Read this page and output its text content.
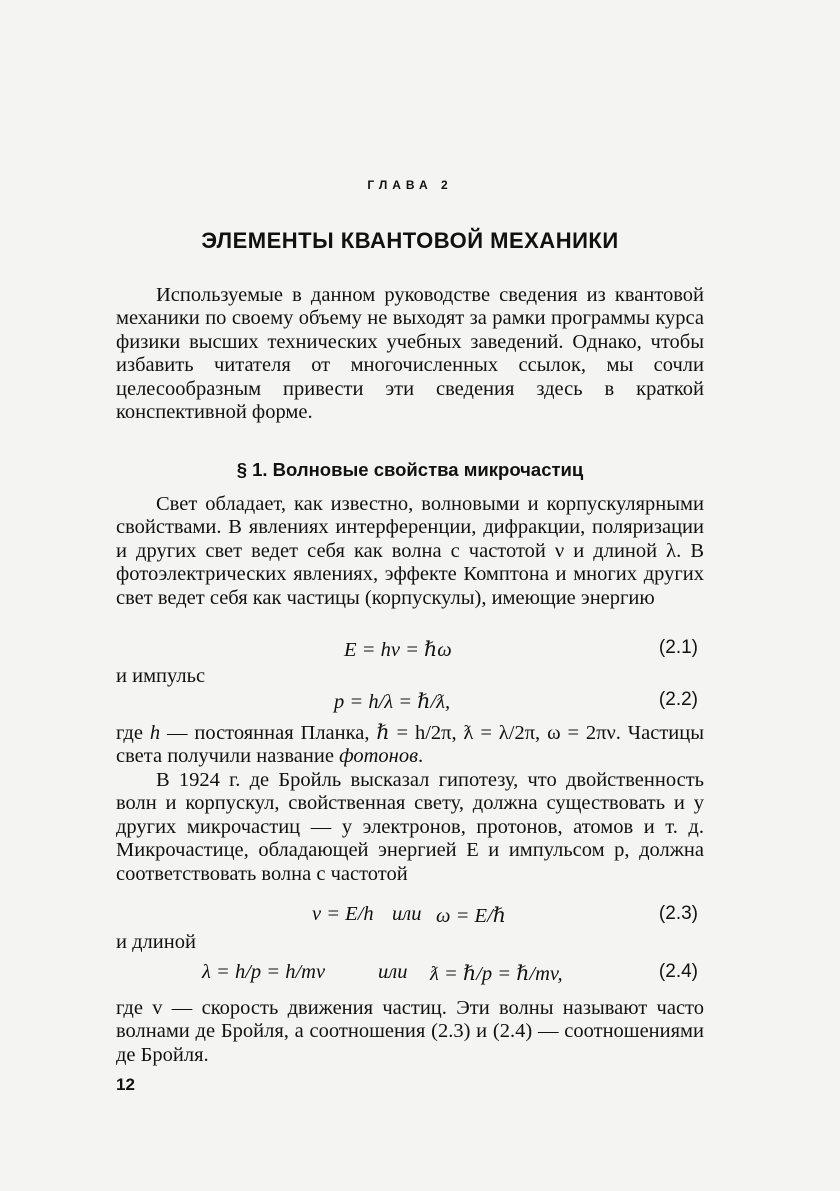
ГЛАВА 2
ЭЛЕМЕНТЫ КВАНТОВОЙ МЕХАНИКИ

Используемые в данном руководстве сведения из квантовой механики по своему объему не выходят за рамки программы курса физики высших технических учебных заведений. Однако, чтобы избавить читателя от многочисленных ссылок, мы сочли целесообразным привести эти сведения здесь в краткой конспективной форме.

§ 1. Волновые свойства микрочастиц

Свет обладает, как известно, волновыми и корпускулярными свойствами. В явлениях интерференции, дифракции, поляризации и других свет ведет себя как волна с частотой ν и длиной λ. В фотоэлектрических явлениях, эффекте Комптона и многих других свет ведет себя как частицы (корпускулы), имеющие энергию

E = hν = ℏω	(2.1)
и импульс
p = h/λ = ℏ/ƛ,	(2.2)

где h — постоянная Планка, ℏ = h/2π, ƛ = λ/2π, ω = 2πν. Частицы света получили название фотонов.

В 1924 г. де Бройль высказал гипотезу, что двойственность волн и корпускул, свойственная свету, должна существовать и у других микрочастиц — у электронов, протонов, атомов и т. д. Микрочастице, обладающей энергией E и импульсом p, должна соответствовать волна с частотой

ν = E/h или ω = E/ℏ	(2.3)
и длиной
λ = h/p = h/mv	или ƛ = ℏ/p = ℏ/mv,	(2.4)

где v — скорость движения частиц. Эти волны называют часто волнами де Бройля, а соотношения (2.3) и (2.4) — соотношениями де Бройля.

12
